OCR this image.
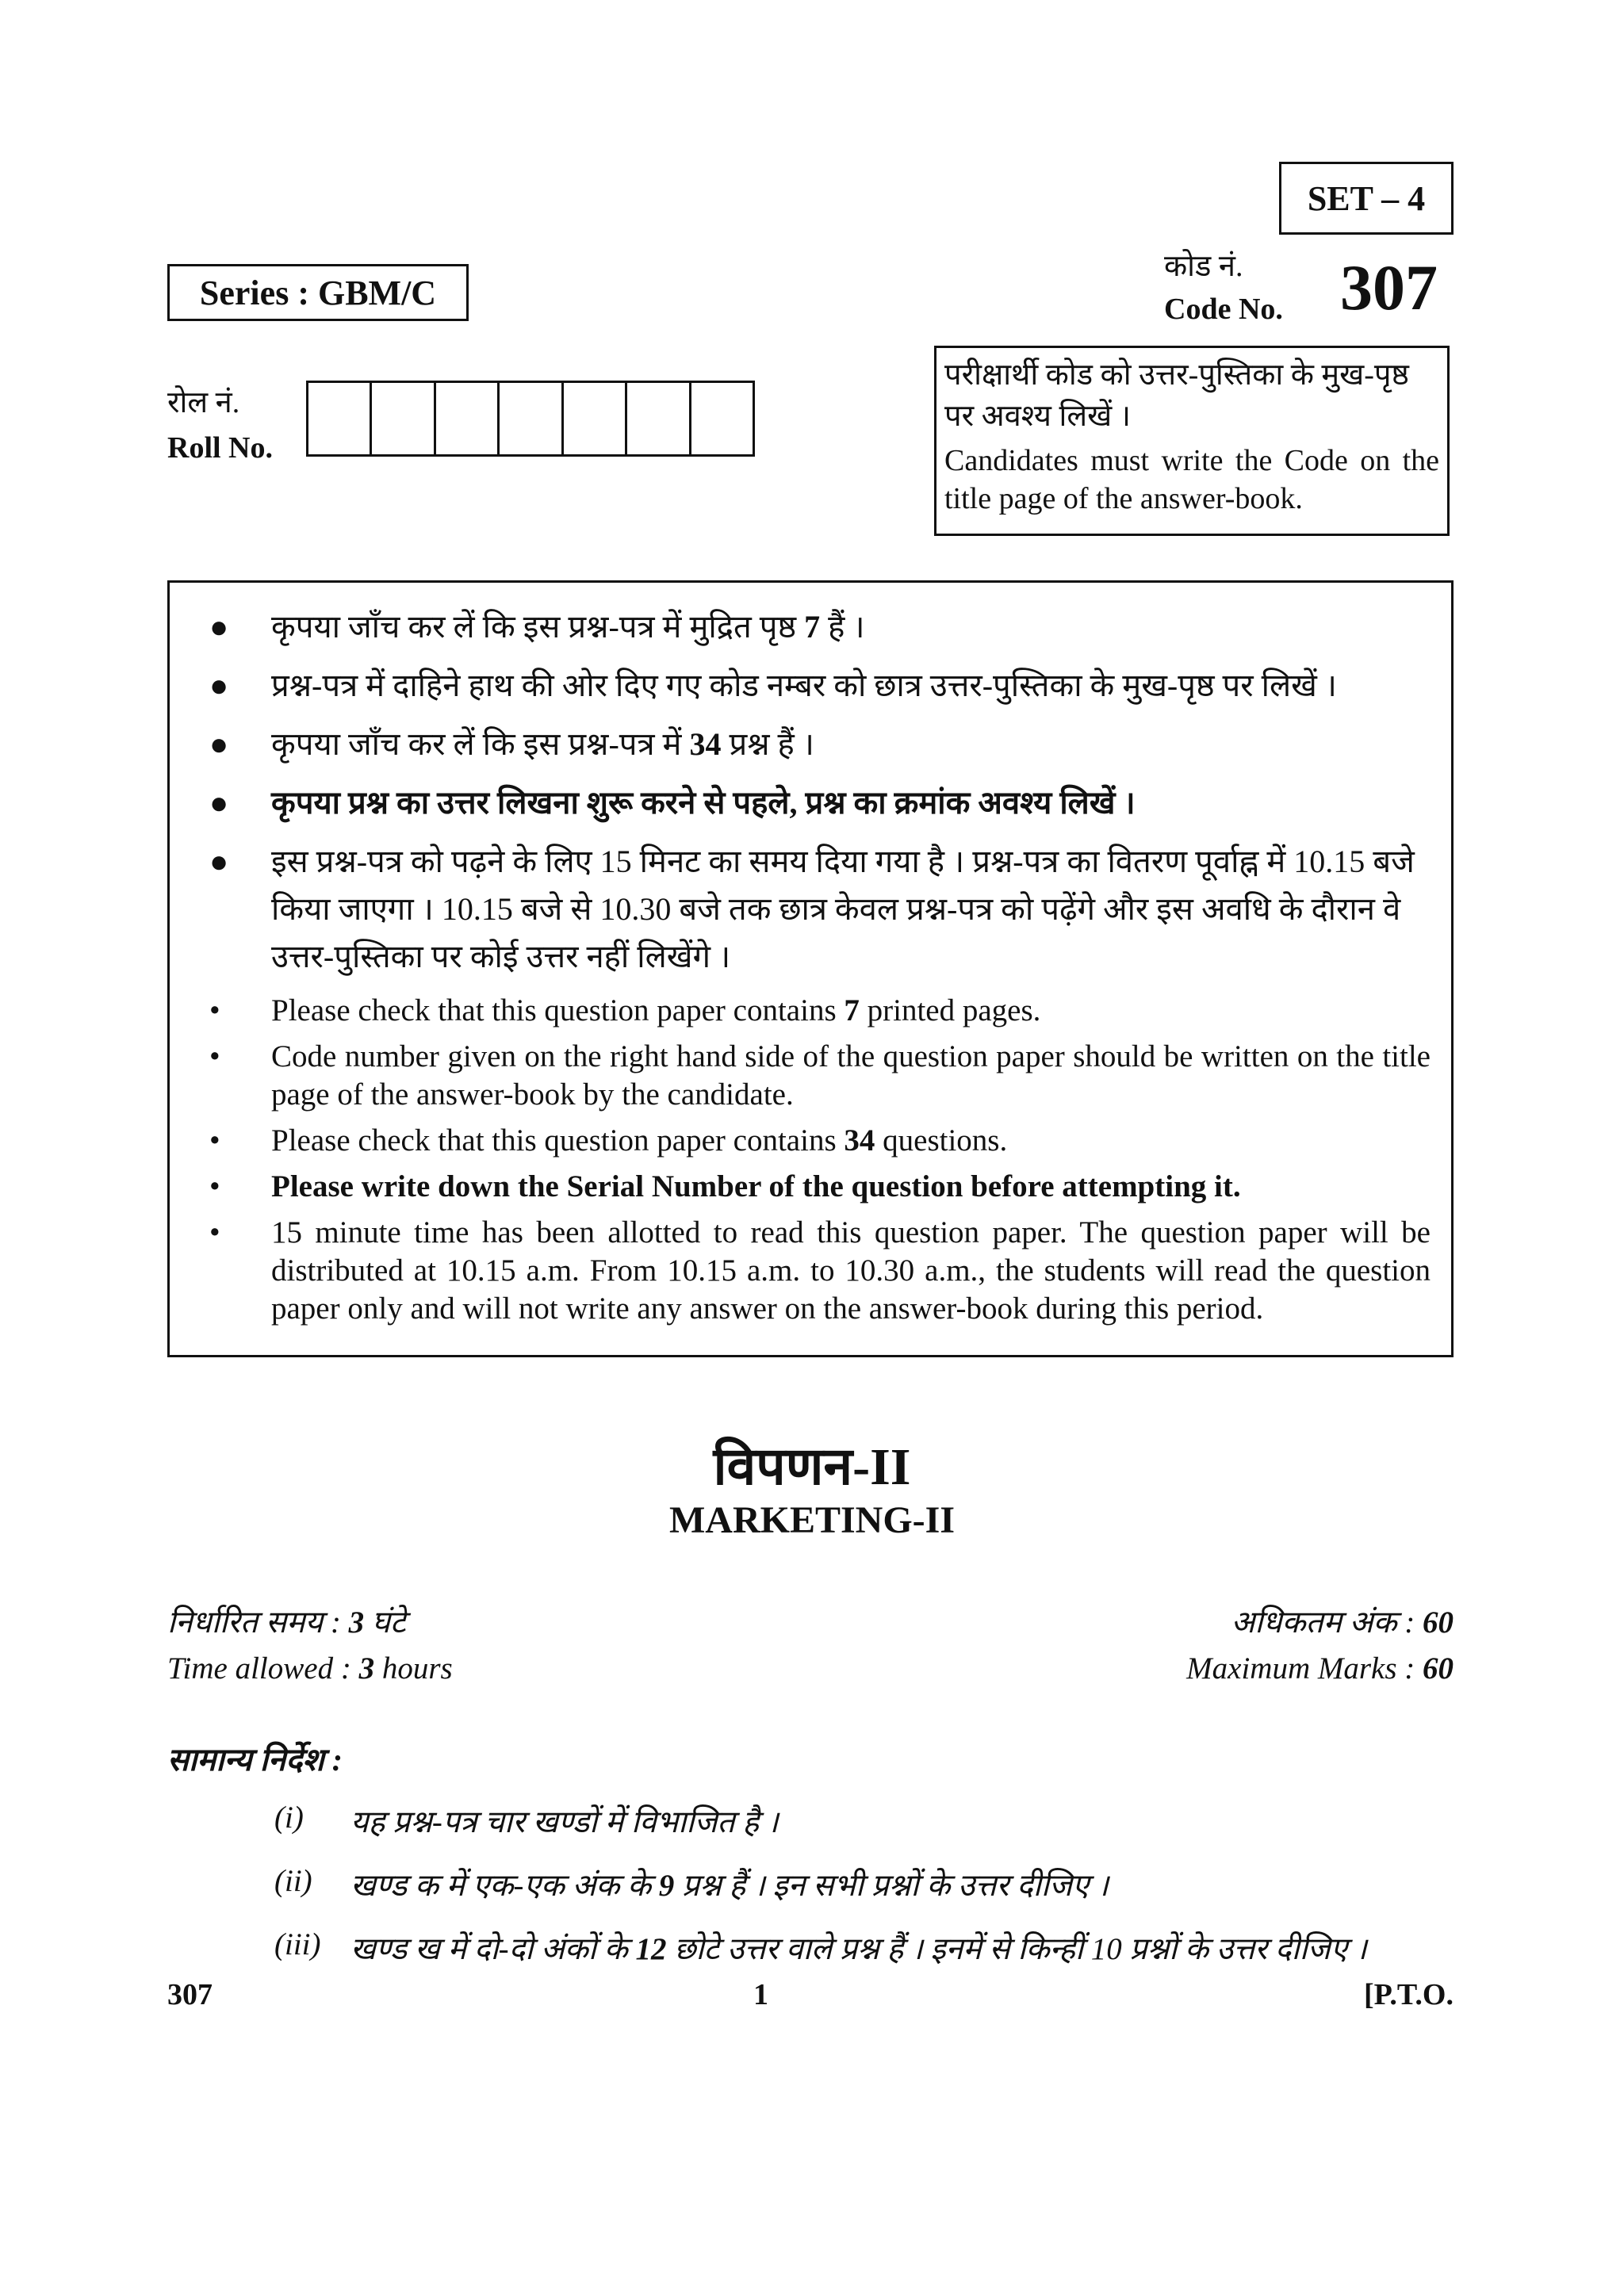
SET – 4
Series : GBM/C
कोड नं.
Code No. 307
रोल नं.
Roll No.
परीक्षार्थी कोड को उत्तर-पुस्तिका के मुख-पृष्ठ पर अवश्य लिखें ।
Candidates must write the Code on the title page of the answer-book.
● कृपया जाँच कर लें कि इस प्रश्न-पत्र में मुद्रित पृष्ठ 7 हैं ।
● प्रश्न-पत्र में दाहिने हाथ की ओर दिए गए कोड नम्बर को छात्र उत्तर-पुस्तिका के मुख-पृष्ठ पर लिखें ।
● कृपया जाँच कर लें कि इस प्रश्न-पत्र में 34 प्रश्न हैं ।
● कृपया प्रश्न का उत्तर लिखना शुरू करने से पहले, प्रश्न का क्रमांक अवश्य लिखें ।
● इस प्रश्न-पत्र को पढ़ने के लिए 15 मिनट का समय दिया गया है । प्रश्न-पत्र का वितरण पूर्वाह्न में 10.15 बजे किया जाएगा । 10.15 बजे से 10.30 बजे तक छात्र केवल प्रश्न-पत्र को पढ़ेंगे और इस अवधि के दौरान वे उत्तर-पुस्तिका पर कोई उत्तर नहीं लिखेंगे ।
• Please check that this question paper contains 7 printed pages.
• Code number given on the right hand side of the question paper should be written on the title page of the answer-book by the candidate.
• Please check that this question paper contains 34 questions.
• Please write down the Serial Number of the question before attempting it.
• 15 minute time has been allotted to read this question paper. The question paper will be distributed at 10.15 a.m. From 10.15 a.m. to 10.30 a.m., the students will read the question paper only and will not write any answer on the answer-book during this period.
विपणन-II
MARKETING-II
निर्धारित समय : 3 घंटे
Time allowed : 3 hours
अधिकतम अंक : 60
Maximum Marks : 60
सामान्य निर्देश :
(i)	यह प्रश्न-पत्र चार खण्डों में विभाजित है ।
(ii)	खण्ड क में एक-एक अंक के 9 प्रश्न हैं । इन सभी प्रश्नों के उत्तर दीजिए ।
(iii) खण्ड ख में दो-दो अंकों के 12 छोटे उत्तर वाले प्रश्न हैं । इनमें से किन्हीं 10 प्रश्नों के उत्तर दीजिए ।
307	1	[P.T.O.
